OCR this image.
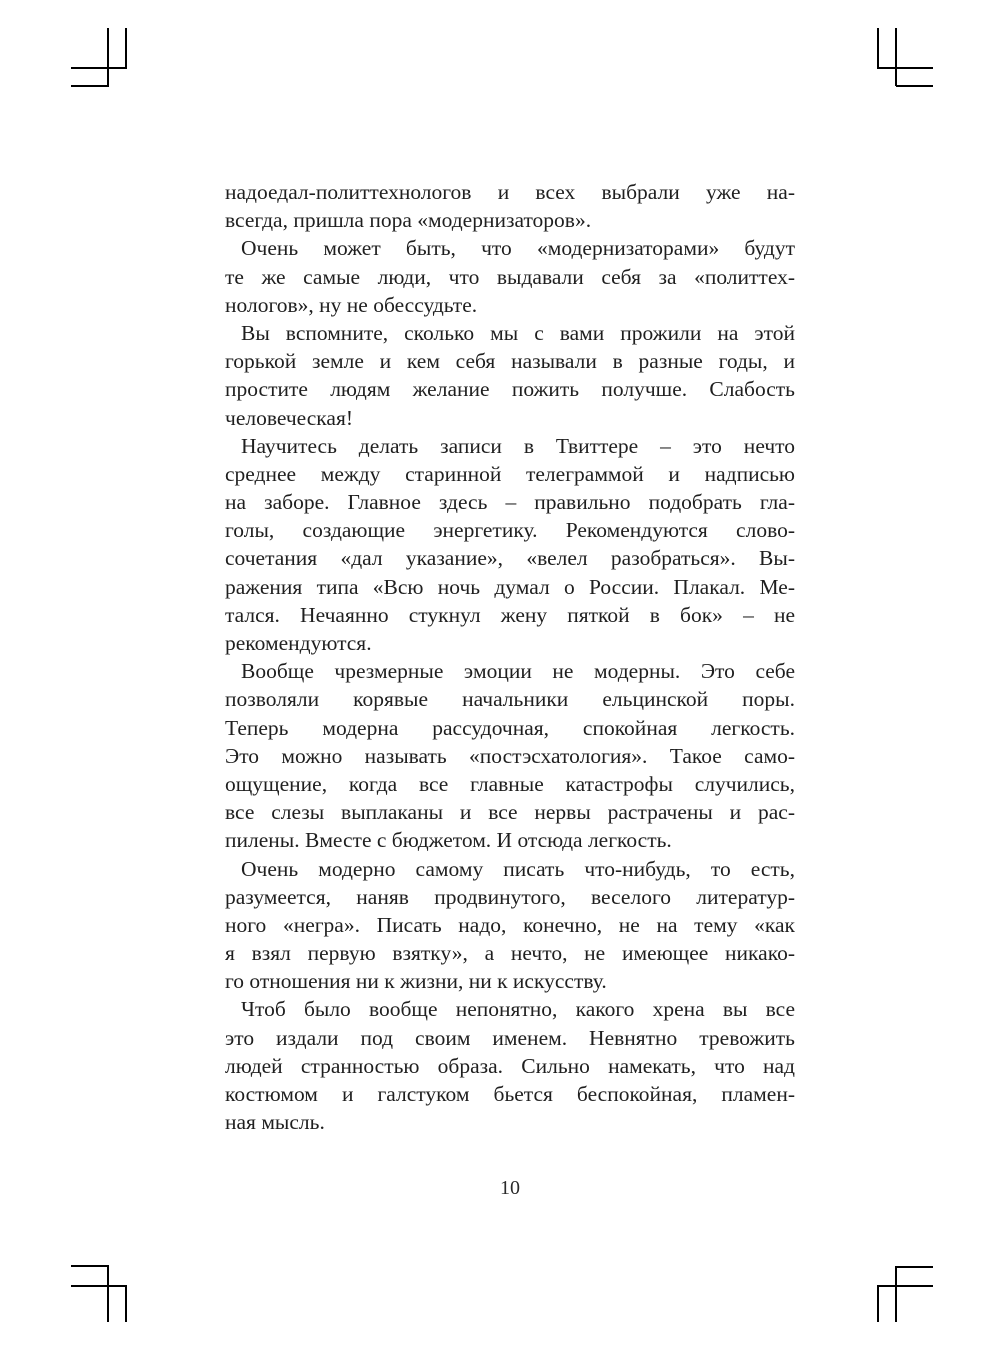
надоедал-политтехнологов и всех выбрали уже на-
всегда, пришла пора «модернизаторов».
Очень может быть, что «модернизаторами» будут
те же самые люди, что выдавали себя за «политтех-
нологов», ну не обессудьте.
Вы вспомните, сколько мы с вами прожили на этой
горькой земле и кем себя называли в разные годы, и
простите людям желание пожить получше. Слабость
человеческая!
Научитесь делать записи в Твиттере – это нечто
среднее между старинной телеграммой и надписью
на заборе. Главное здесь – правильно подобрать гла-
голы, создающие энергетику. Рекомендуются слово-
сочетания «дал указание», «велел разобраться». Вы-
ражения типа «Всю ночь думал о России. Плакал. Ме-
тался. Нечаянно стукнул жену пяткой в бок» – не
рекомендуются.
Вообще чрезмерные эмоции не модерны. Это себе
позволяли корявые начальники ельцинской поры.
Теперь модерна рассудочная, спокойная легкость.
Это можно называть «постэсхатология». Такое само-
ощущение, когда все главные катастрофы случились,
все слезы выплаканы и все нервы растрачены и рас-
пилены. Вместе с бюджетом. И отсюда легкость.
Очень модерно самому писать что-нибудь, то есть,
разумеется, наняв продвинутого, веселого литератур-
ного «негра». Писать надо, конечно, не на тему «как
я взял первую взятку», а нечто, не имеющее никако-
го отношения ни к жизни, ни к искусству.
Чтоб было вообще непонятно, какого хрена вы все
это издали под своим именем. Невнятно тревожить
людей странностью образа. Сильно намекать, что над
костюмом и галстуком бьется беспокойная, пламен-
ная мысль.
10
